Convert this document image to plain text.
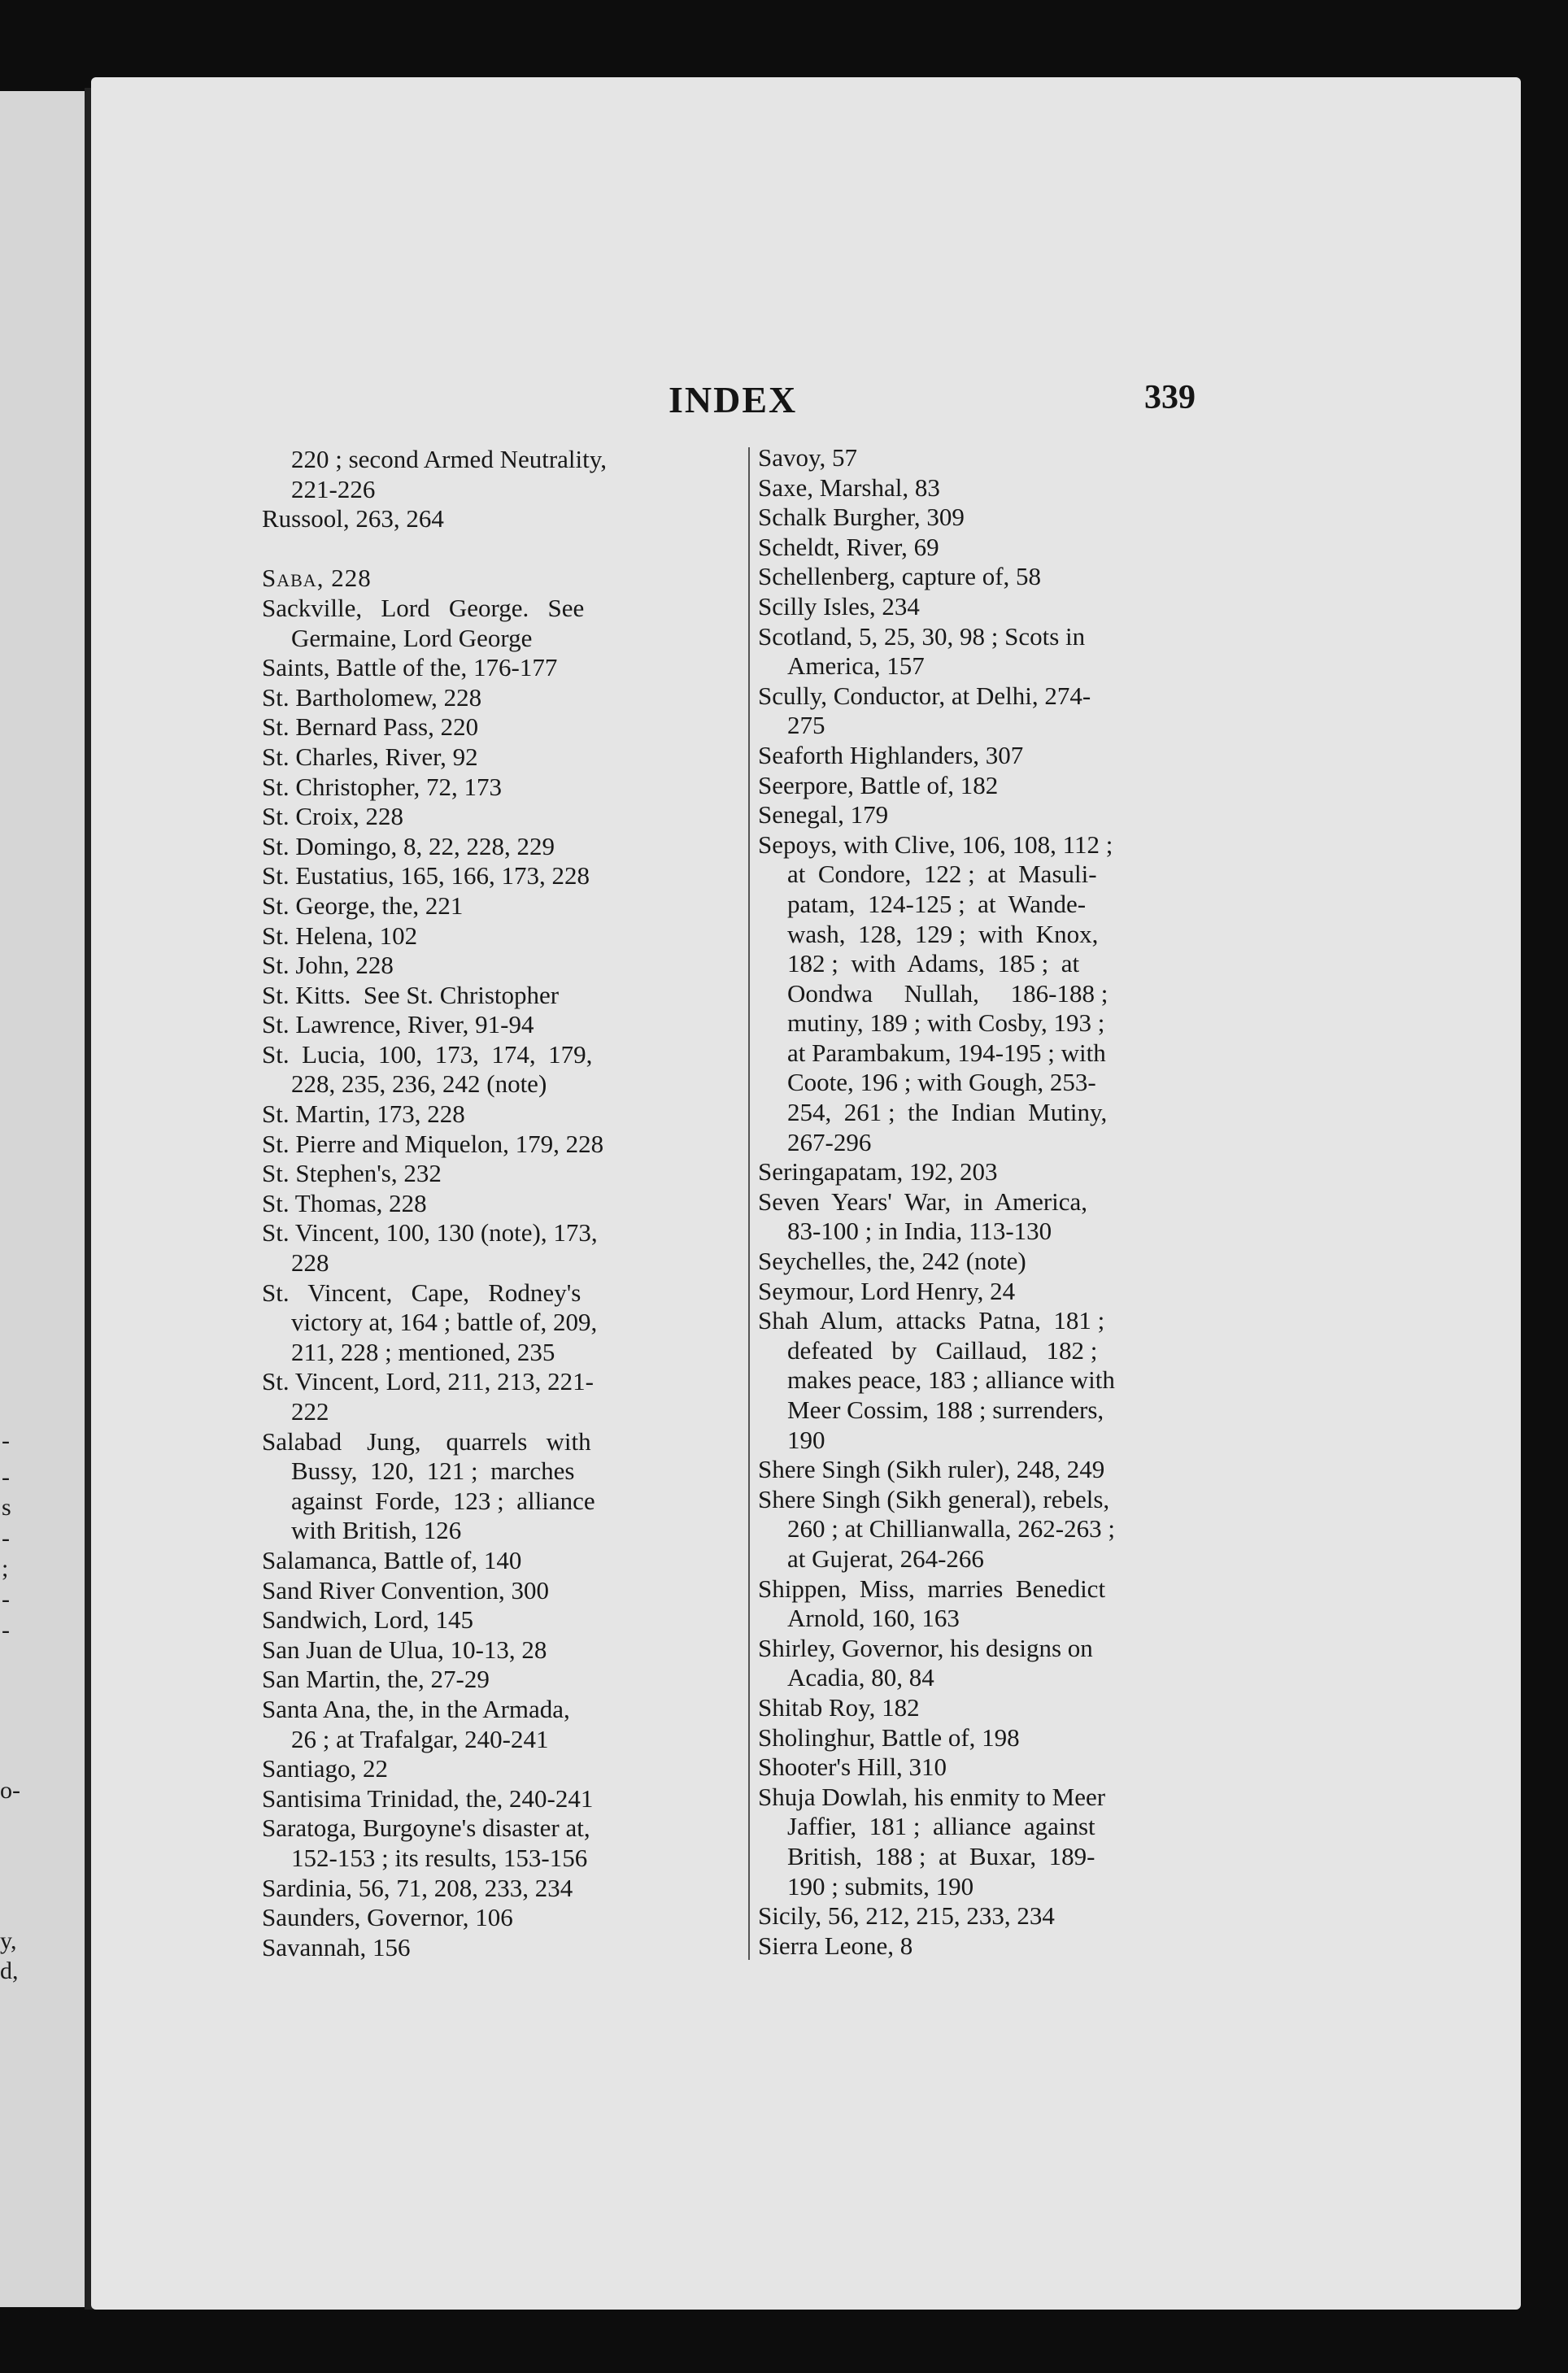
-
-
s
-
;
-
-
o-
y,
d,
INDEX	339
220 ; second Armed Neutrality,
221-226
Russool, 263, 264
Saba, 228
Sackville,   Lord   George.   See
Germaine, Lord George
Saints, Battle of the, 176-177
St. Bartholomew, 228
St. Bernard Pass, 220
St. Charles, River, 92
St. Christopher, 72, 173
St. Croix, 228
St. Domingo, 8, 22, 228, 229
St. Eustatius, 165, 166, 173, 228
St. George, the, 221
St. Helena, 102
St. John, 228
St. Kitts.  See St. Christopher
St. Lawrence, River, 91-94
St.  Lucia,  100,  173,  174,  179,
228, 235, 236, 242 (note)
St. Martin, 173, 228
St. Pierre and Miquelon, 179, 228
St. Stephen's, 232
St. Thomas, 228
St. Vincent, 100, 130 (note), 173,
228
St.   Vincent,   Cape,   Rodney's
victory at, 164 ; battle of, 209,
211, 228 ; mentioned, 235
St. Vincent, Lord, 211, 213, 221-
222
Salabad    Jung,    quarrels   with
Bussy,  120,  121 ;  marches
against  Forde,  123 ;  alliance
with British, 126
Salamanca, Battle of, 140
Sand River Convention, 300
Sandwich, Lord, 145
San Juan de Ulua, 10-13, 28
San Martin, the, 27-29
Santa Ana, the, in the Armada,
26 ; at Trafalgar, 240-241
Santiago, 22
Santisima Trinidad, the, 240-241
Saratoga, Burgoyne's disaster at,
152-153 ; its results, 153-156
Sardinia, 56, 71, 208, 233, 234
Saunders, Governor, 106
Savannah, 156
Savoy, 57
Saxe, Marshal, 83
Schalk Burgher, 309
Scheldt, River, 69
Schellenberg, capture of, 58
Scilly Isles, 234
Scotland, 5, 25, 30, 98 ; Scots in
America, 157
Scully, Conductor, at Delhi, 274-
275
Seaforth Highlanders, 307
Seerpore, Battle of, 182
Senegal, 179
Sepoys, with Clive, 106, 108, 112 ;
at  Condore,  122 ;  at  Masuli-
patam,  124-125 ;  at  Wande-
wash,  128,  129 ;  with  Knox,
182 ;  with  Adams,  185 ;  at
Oondwa     Nullah,     186-188 ;
mutiny, 189 ; with Cosby, 193 ;
at Parambakum, 194-195 ; with
Coote, 196 ; with Gough, 253-
254,  261 ;  the  Indian  Mutiny,
267-296
Seringapatam, 192, 203
Seven  Years'  War,  in  America,
83-100 ; in India, 113-130
Seychelles, the, 242 (note)
Seymour, Lord Henry, 24
Shah  Alum,  attacks  Patna,  181 ;
defeated   by   Caillaud,   182 ;
makes peace, 183 ; alliance with
Meer Cossim, 188 ; surrenders,
190
Shere Singh (Sikh ruler), 248, 249
Shere Singh (Sikh general), rebels,
260 ; at Chillianwalla, 262-263 ;
at Gujerat, 264-266
Shippen,  Miss,  marries  Benedict
Arnold, 160, 163
Shirley, Governor, his designs on
Acadia, 80, 84
Shitab Roy, 182
Sholinghur, Battle of, 198
Shooter's Hill, 310
Shuja Dowlah, his enmity to Meer
Jaffier,  181 ;  alliance  against
British,  188 ;  at  Buxar,  189-
190 ; submits, 190
Sicily, 56, 212, 215, 233, 234
Sierra Leone, 8
